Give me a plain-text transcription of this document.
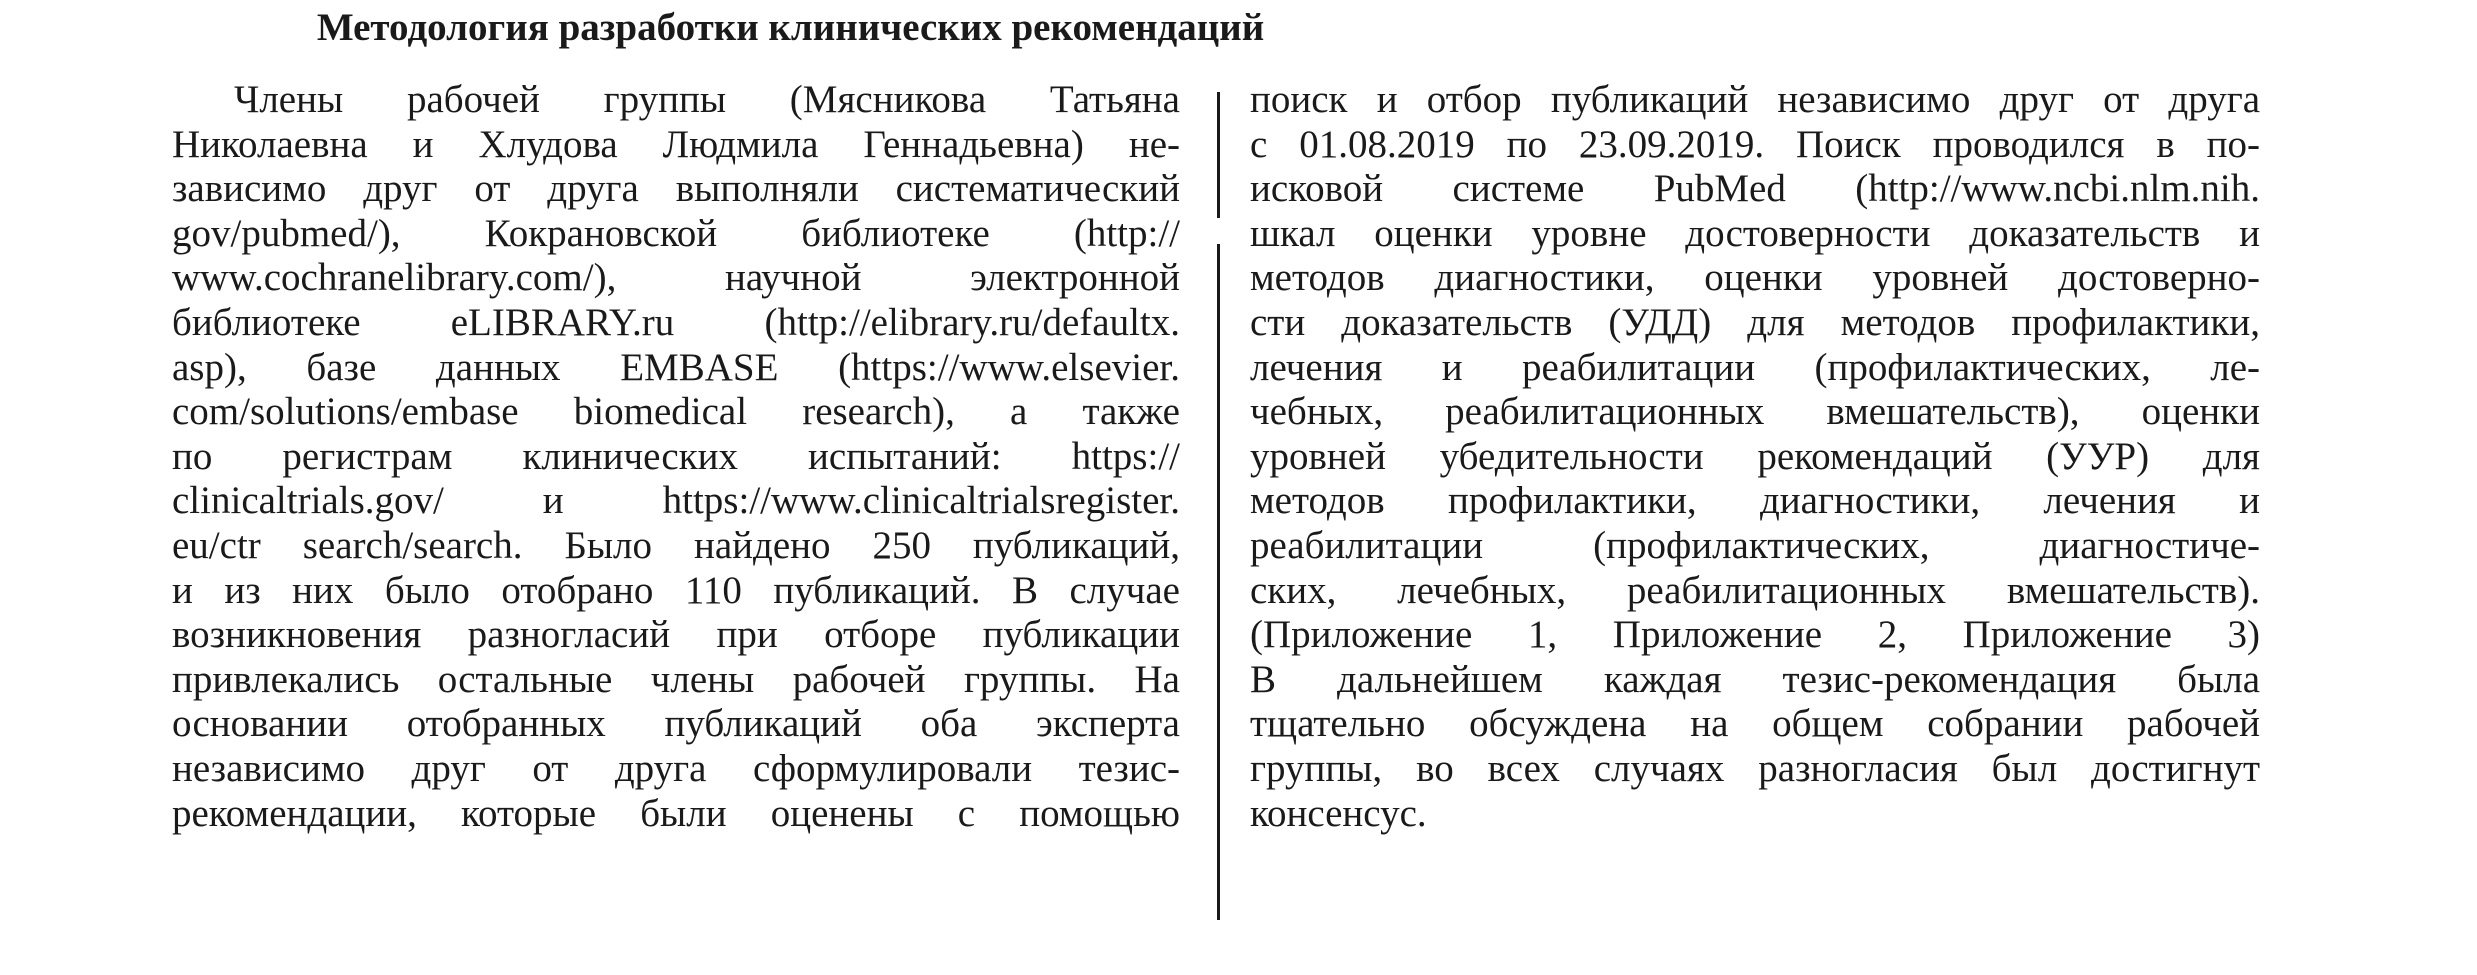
Методология разработки клинических рекомендаций
Члены рабочей группы (Мясникова Татьяна
Николаевна и Хлудова Людмила Геннадьевна) не-
зависимо друг от друга выполняли систематический
gov/pubmed/), Кокрановской библиотеке (http://
www.cochranelibrary.com/), научной электронной
библиотеке eLIBRARY.ru (http://elibrary.ru/defaultx.
asp), базе данных EMBASE (https://www.elsevier.
com/solutions/embase biomedical research), а также
по регистрам клинических испытаний: https://
clinicaltrials.gov/ и https://www.clinicaltrialsregister.
eu/ctr search/search. Было найдено 250 публикаций,
и из них было отобрано 110 публикаций. В случае
возникновения разногласий при отборе публикации
привлекались остальные члены рабочей группы. На
основании отобранных публикаций оба эксперта
независимо друг от друга сформулировали тезис-
рекомендации, которые были оценены с помощью
поиск и отбор публикаций независимо друг от друга
с 01.08.2019 по 23.09.2019. Поиск проводился в по-
исковой системе PubMed (http://www.ncbi.nlm.nih.
шкал оценки уровне достоверности доказательств и
методов диагностики, оценки уровней достоверно-
сти доказательств (УДД) для методов профилактики,
лечения и реабилитации (профилактических, ле-
чебных, реабилитационных вмешательств), оценки
уровней убедительности рекомендаций (УУР) для
методов профилактики, диагностики, лечения и
реабилитации (профилактических, диагностиче-
ских, лечебных, реабилитационных вмешательств).
(Приложение 1, Приложение 2, Приложение 3)
В дальнейшем каждая тезис-рекомендация была
тщательно обсуждена на общем собрании рабочей
группы, во всех случаях разногласия был достигнут
консенсус.
